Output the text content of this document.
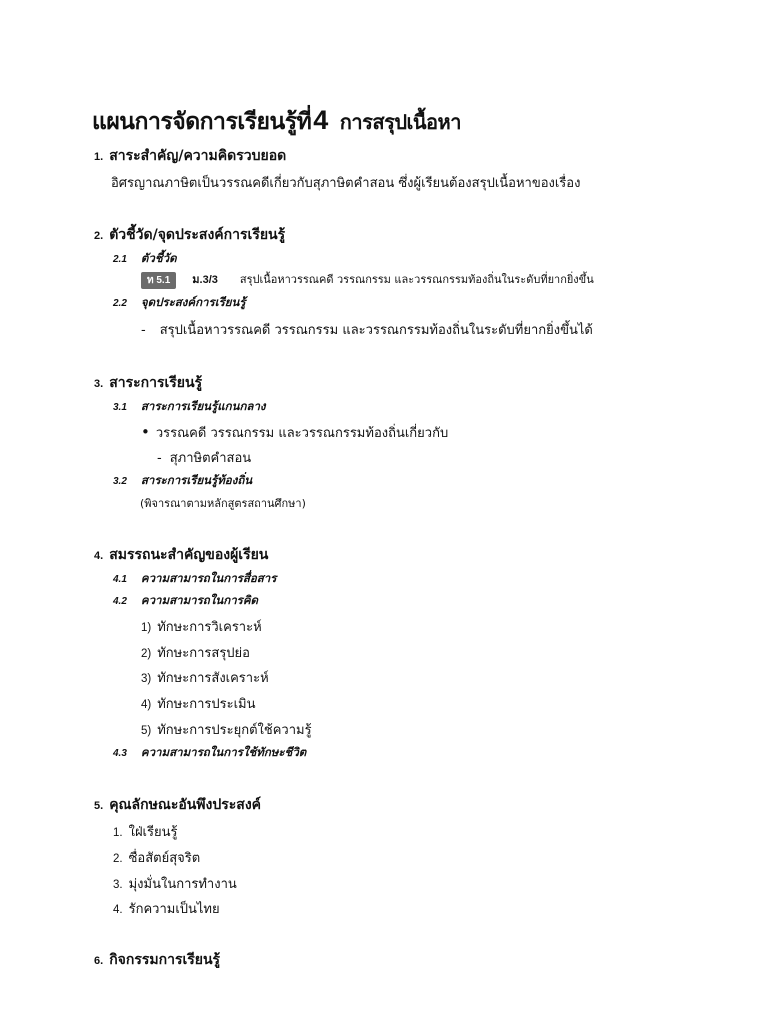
แผนการจัดการเรียนรู้ที่4 การสรุปเนื้อหา
1. สาระสำคัญ/ความคิดรวบยอด
อิศรญาณภาษิตเป็นวรรณคดีเกี่ยวกับสุภาษิตคำสอน ซึ่งผู้เรียนต้องสรุปเนื้อหาของเรื่อง
2. ตัวชี้วัด/จุดประสงค์การเรียนรู้
2.1 ตัวชี้วัด
ท 5.1 ม.3/3 สรุปเนื้อหาวรรณคดี วรรณกรรม และวรรณกรรมท้องถิ่นในระดับที่ยากยิ่งขึ้น
2.2 จุดประสงค์การเรียนรู้
- สรุปเนื้อหาวรรณคดี วรรณกรรม และวรรณกรรมท้องถิ่นในระดับที่ยากยิ่งขึ้นได้
3. สาระการเรียนรู้
3.1 สาระการเรียนรู้แกนกลาง
• วรรณคดี วรรณกรรม และวรรณกรรมท้องถิ่นเกี่ยวกับ
- สุภาษิตคำสอน
3.2 สาระการเรียนรู้ท้องถิ่น
(พิจารณาตามหลักสูตรสถานศึกษา)
4. สมรรถนะสำคัญของผู้เรียน
4.1 ความสามารถในการสื่อสาร
4.2 ความสามารถในการคิด
1) ทักษะการวิเคราะห์
2) ทักษะการสรุปย่อ
3) ทักษะการสังเคราะห์
4) ทักษะการประเมิน
5) ทักษะการประยุกต์ใช้ความรู้
4.3 ความสามารถในการใช้ทักษะชีวิต
5. คุณลักษณะอันพึงประสงค์
1. ใฝ่เรียนรู้
2. ซื่อสัตย์สุจริต
3. มุ่งมั่นในการทำงาน
4. รักความเป็นไทย
6. กิจกรรมการเรียนรู้
